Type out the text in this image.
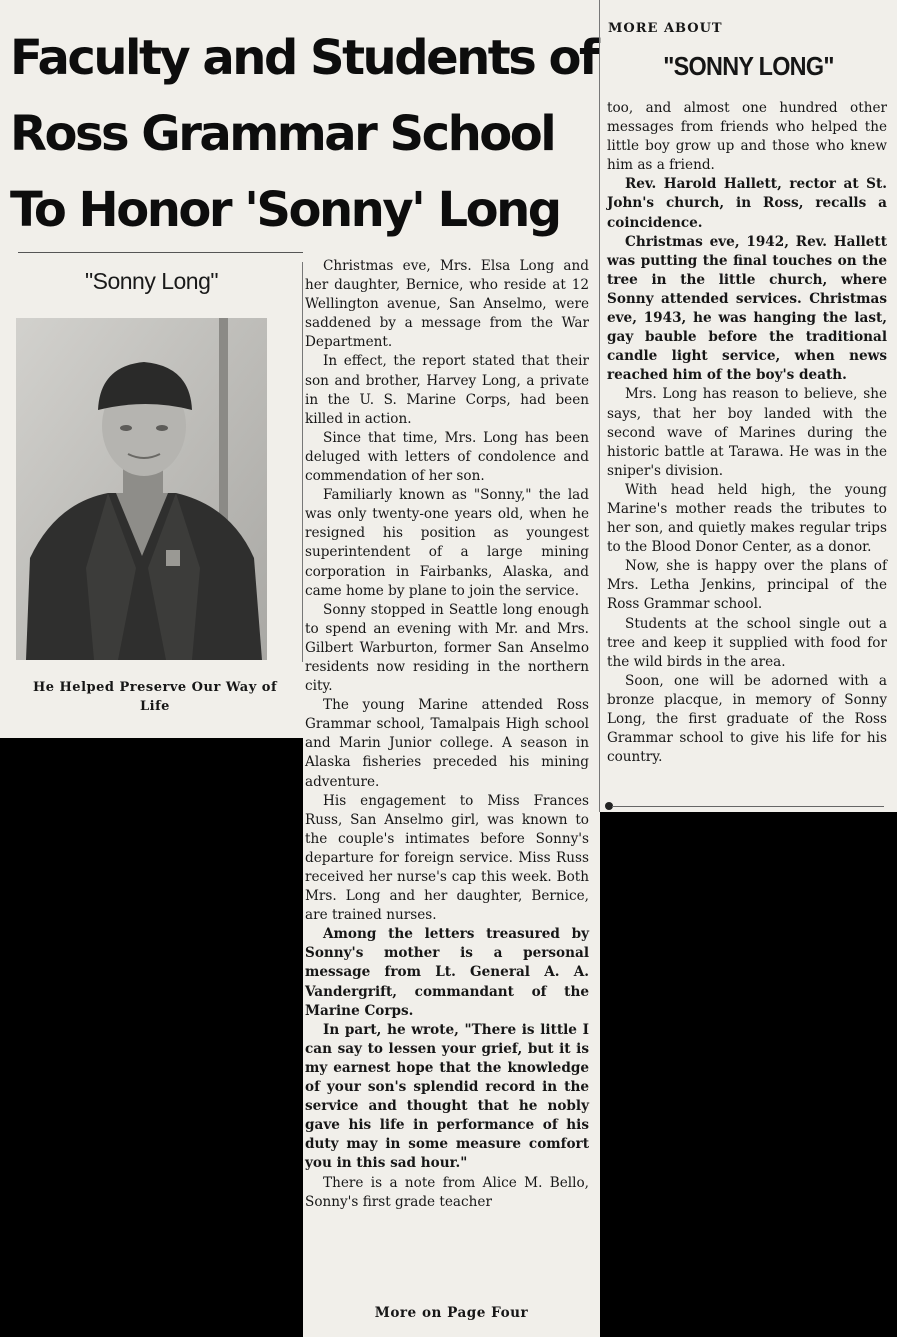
Faculty and Students of
Ross Grammar School
To Honor 'Sonny' Long
"Sonny Long"
He Helped Preserve Our Way of Life

Christmas eve, Mrs. Elsa Long and her daughter, Bernice, who reside at 12 Wellington avenue, San Anselmo, were saddened by a message from the War Department.

In effect, the report stated that their son and brother, Harvey Long, a private in the U. S. Marine Corps, had been killed in action.

Since that time, Mrs. Long has been deluged with letters of condolence and commendation of her son.

Familiarly known as "Sonny," the lad was only twenty-one years old, when he resigned his position as youngest superintendent of a large mining corporation in Fairbanks, Alaska, and came home by plane to join the service.

Sonny stopped in Seattle long enough to spend an evening with Mr. and Mrs. Gilbert Warburton, former San Anselmo residents now residing in the northern city.

The young Marine attended Ross Grammar school, Tamalpais High school and Marin Junior college. A season in Alaska fisheries preceded his mining adventure.

His engagement to Miss Frances Russ, San Anselmo girl, was known to the couple's intimates before Sonny's departure for foreign service. Miss Russ received her nurse's cap this week. Both Mrs. Long and her daughter, Bernice, are trained nurses.

Among the letters treasured by Sonny's mother is a personal message from Lt. General A. A. Vandergrift, commandant of the Marine Corps.

In part, he wrote, "There is little I can say to lessen your grief, but it is my earnest hope that the knowledge of your son's splendid record in the service and thought that he nobly gave his life in performance of his duty may in some measure comfort you in this sad hour."

There is a note from Alice M. Bello, Sonny's first grade teacher

More on Page Four
MORE ABOUT
"SONNY LONG"

too, and almost one hundred other messages from friends who helped the little boy grow up and those who knew him as a friend.

Rev. Harold Hallett, rector at St. John's church, in Ross, recalls a coincidence.

Christmas eve, 1942, Rev. Hallett was putting the final touches on the tree in the little church, where Sonny attended services. Christmas eve, 1943, he was hanging the last, gay bauble before the traditional candle light service, when news reached him of the boy's death.

Mrs. Long has reason to believe, she says, that her boy landed with the second wave of Marines during the historic battle at Tarawa. He was in the sniper's division.

With head held high, the young Marine's mother reads the tributes to her son, and quietly makes regular trips to the Blood Donor Center, as a donor.

Now, she is happy over the plans of Mrs. Letha Jenkins, principal of the Ross Grammar school.

Students at the school single out a tree and keep it supplied with food for the wild birds in the area.

Soon, one will be adorned with a bronze placque, in memory of Sonny Long, the first graduate of the Ross Grammar school to give his life for his country.
